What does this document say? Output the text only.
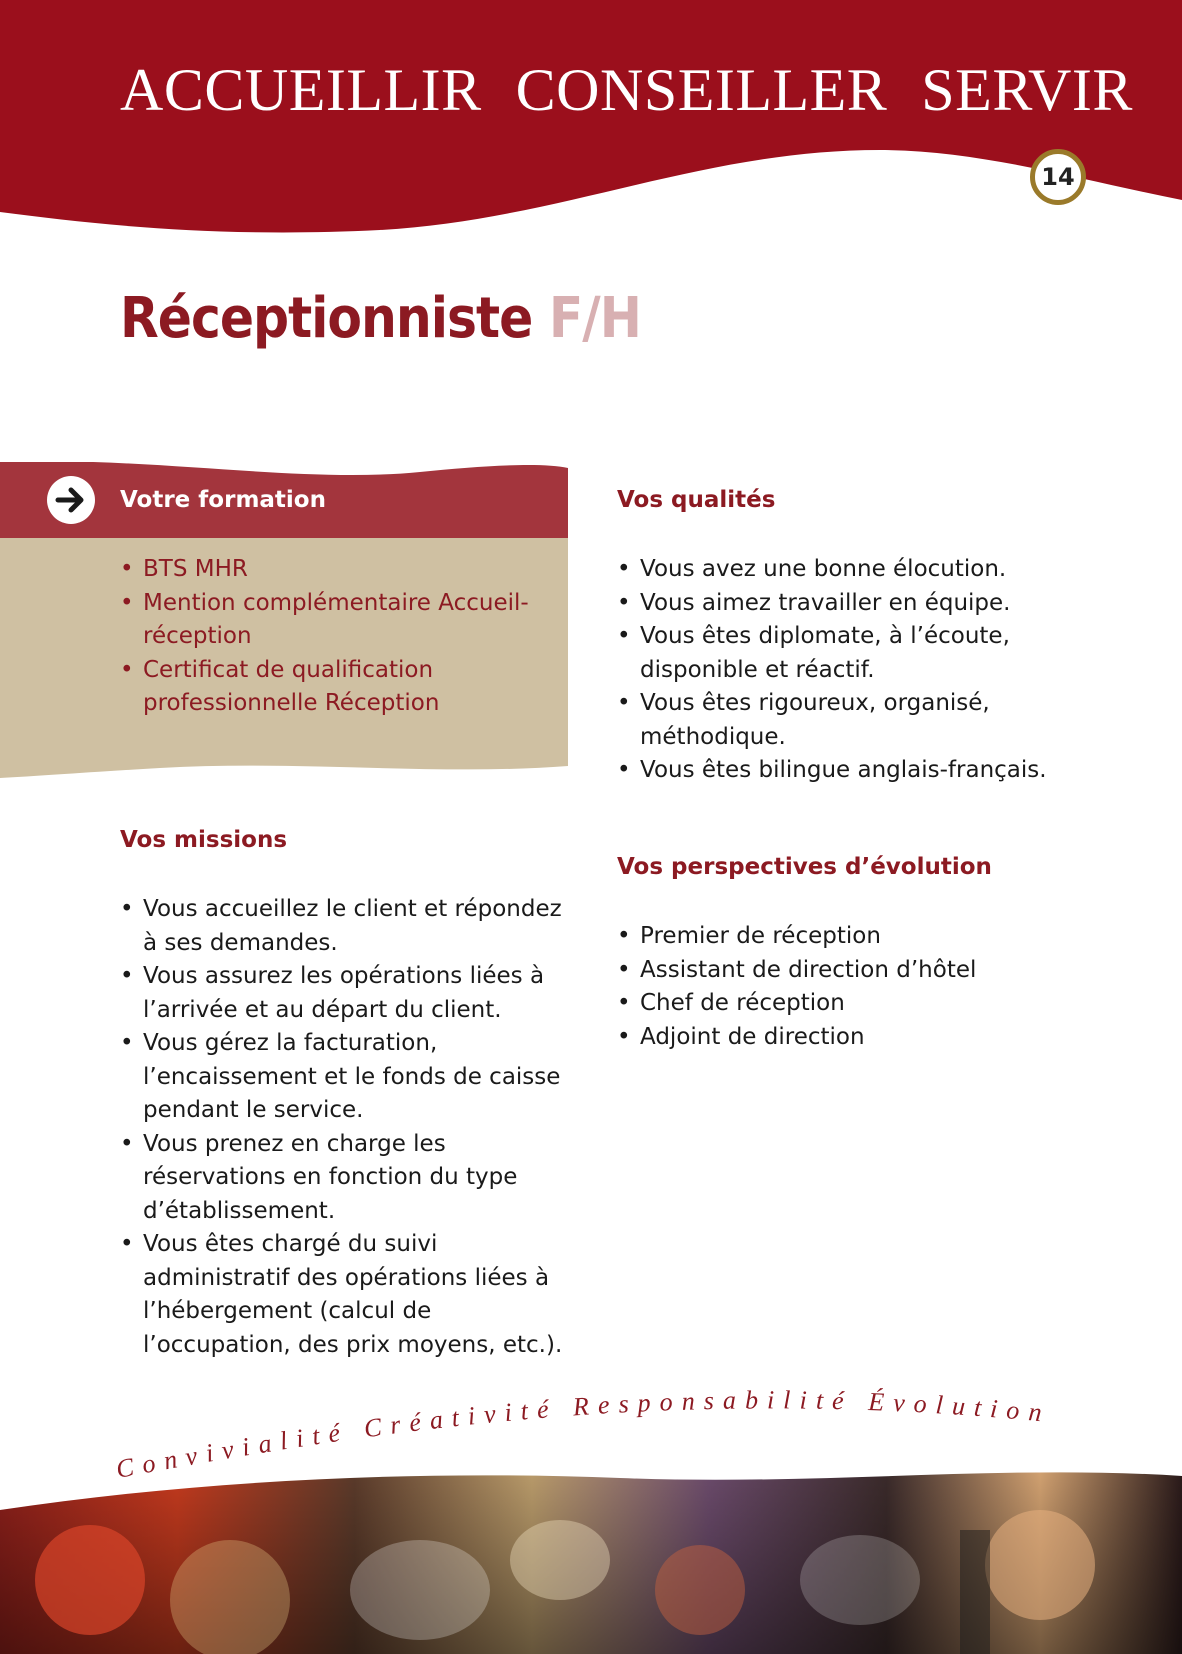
ACCUEILLIR CONSEILLER SERVIR
14
Réceptionniste F/H
Votre formation
• BTS MHR
• Mention complémentaire Accueil-réception
• Certificat de qualification professionnelle Réception
Vos missions
• Vous accueillez le client et répondez à ses demandes.
• Vous assurez les opérations liées à l’arrivée et au départ du client.
• Vous gérez la facturation, l’encaissement et le fonds de caisse pendant le service.
• Vous prenez en charge les réservations en fonction du type d’établissement.
• Vous êtes chargé du suivi administratif des opérations liées à l’hébergement (calcul de l’occupation, des prix moyens, etc.).
Vos qualités
• Vous avez une bonne élocution.
• Vous aimez travailler en équipe.
• Vous êtes diplomate, à l’écoute, disponible et réactif.
• Vous êtes rigoureux, organisé, méthodique.
• Vous êtes bilingue anglais-français.
Vos perspectives d’évolution
• Premier de réception
• Assistant de direction d’hôtel
• Chef de réception
• Adjoint de direction
Convivialité Créativité Responsabilité Évolution
